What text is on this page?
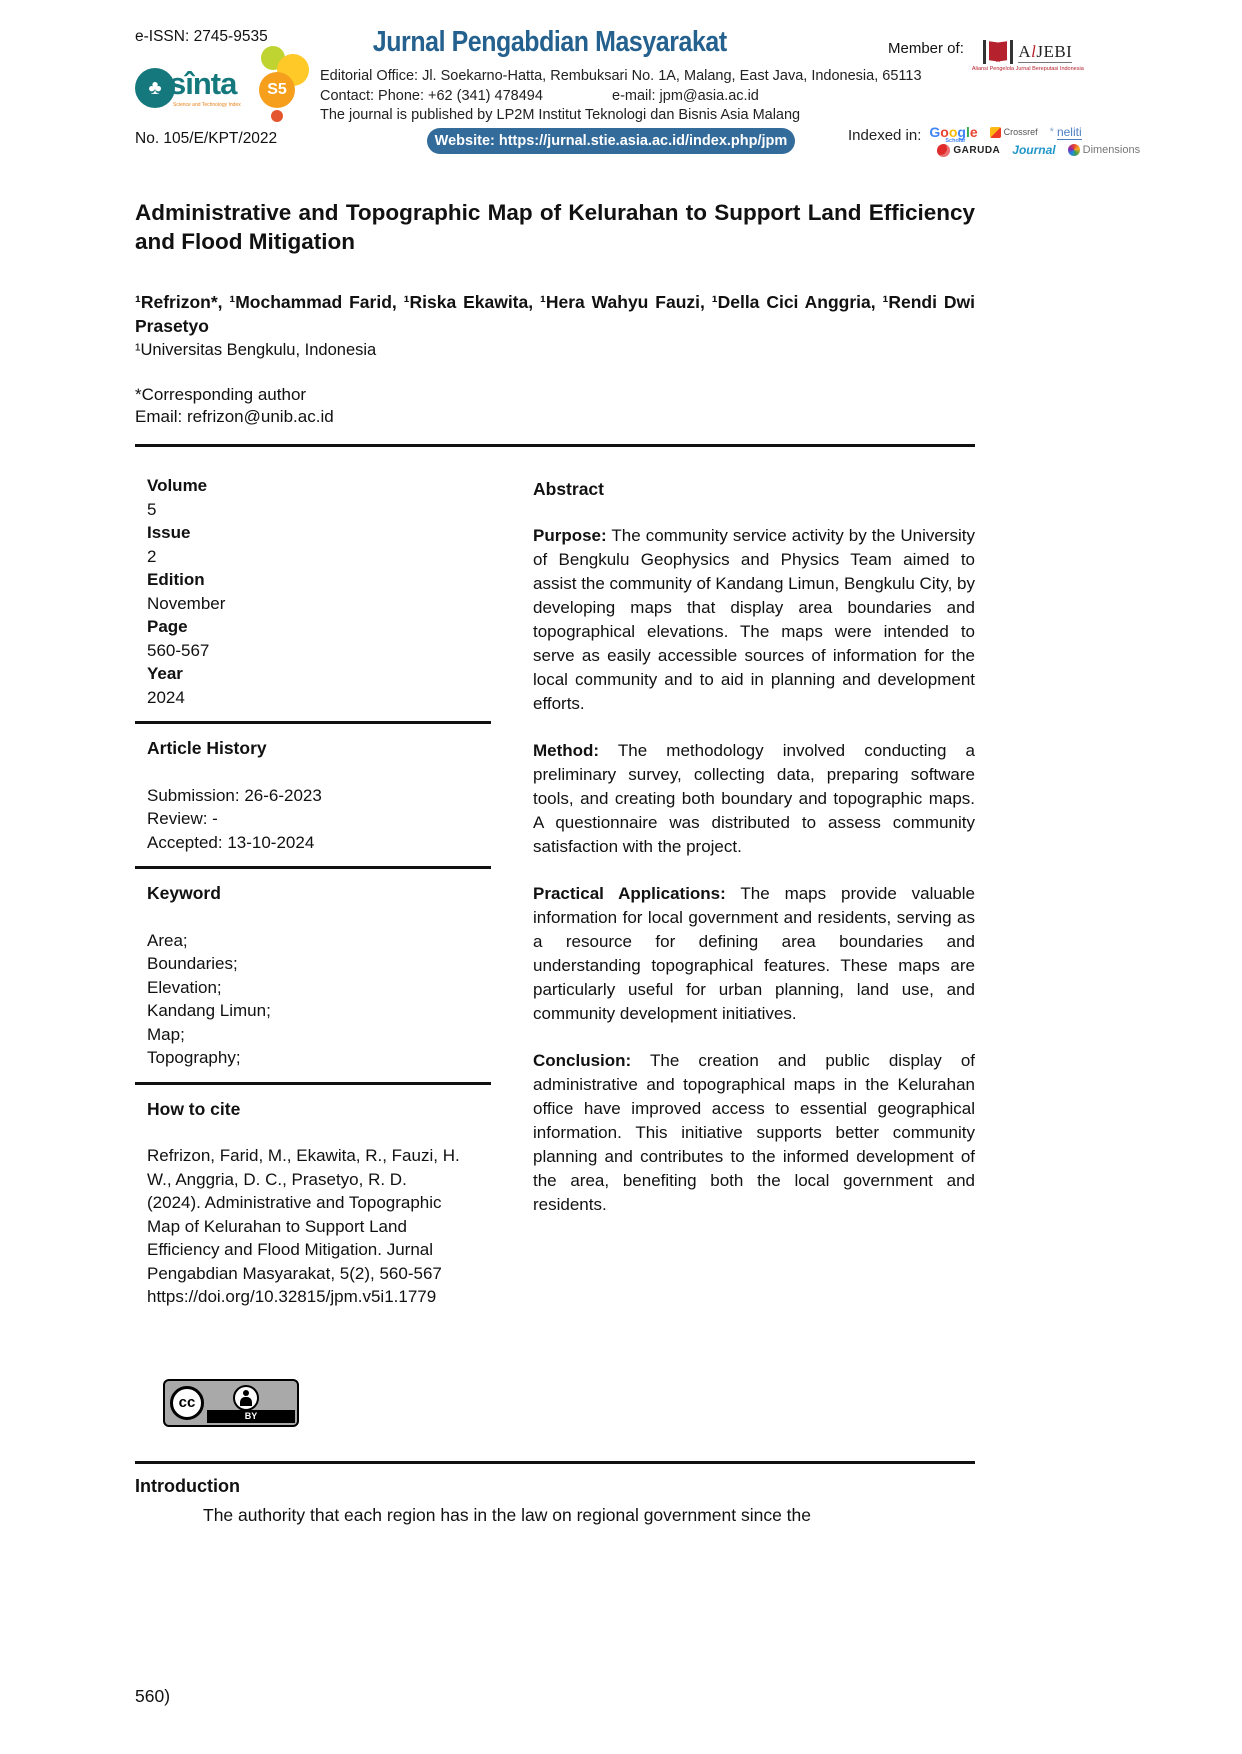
e-ISSN: 2745-9535	Jurnal Pengabdian Masyarakat
Editorial Office: Jl. Soekarno-Hatta, Rembuksari No. 1A, Malang, East Java, Indonesia, 65113
Contact: Phone: +62 (341) 478494	e-mail: jpm@asia.ac.id
The journal is published by LP2M Institut Teknologi dan Bisnis Asia Malang
Website: https://jurnal.stie.asia.ac.id/index.php/jpm
♣ sînta
Science and Technology Index
S5
No. 105/E/KPT/2022
Member of:	AlJEBI
Aliansi Pengelola Jurnal Bereputasi Indonesia
Indexed in: Google
Scholar
Crossref * neliti
GARUDA Journal Dimensions
Administrative and Topographic Map of Kelurahan to Support Land Efficiency and Flood Mitigation

¹Refrizon*, ¹Mochammad Farid, ¹Riska Ekawita, ¹Hera Wahyu Fauzi, ¹Della Cici Anggria, ¹Rendi Dwi Prasetyo

¹Universitas Bengkulu, Indonesia

*Corresponding author
Email: refrizon@unib.ac.id
Volume
5
Issue
2
Edition
November
Page
560-567
Year
2024
Article History
Submission: 26-6-2023
Review: -
Accepted: 13-10-2024
Keyword
Area;
Boundaries;
Elevation;
Kandang Limun;
Map;
Topography;
How to cite
Refrizon, Farid, M., Ekawita, R., Fauzi, H. W., Anggria, D. C., Prasetyo, R. D. (2024). Administrative and Topographic Map of Kelurahan to Support Land Efficiency and Flood Mitigation. Jurnal Pengabdian Masyarakat, 5(2), 560-567 https://doi.org/10.32815/jpm.v5i1.1779
Abstract

Purpose: The community service activity by the University of Bengkulu Geophysics and Physics Team aimed to assist the community of Kandang Limun, Bengkulu City, by developing maps that display area boundaries and topographical elevations. The maps were intended to serve as easily accessible sources of information for the local community and to aid in planning and development efforts.

Method: The methodology involved conducting a preliminary survey, collecting data, preparing software tools, and creating both boundary and topographic maps. A questionnaire was distributed to assess community satisfaction with the project.

Practical Applications: The maps provide valuable information for local government and residents, serving as a resource for defining area boundaries and understanding topographical features. These maps are particularly useful for urban planning, land use, and community development initiatives.

Conclusion: The creation and public display of administrative and topographical maps in the Kelurahan office have improved access to essential geographical information. This initiative supports better community planning and contributes to the informed development of the area, benefiting both the local government and residents.

BY
cc
Introduction

The authority that each region has in the law on regional government since the

560)
